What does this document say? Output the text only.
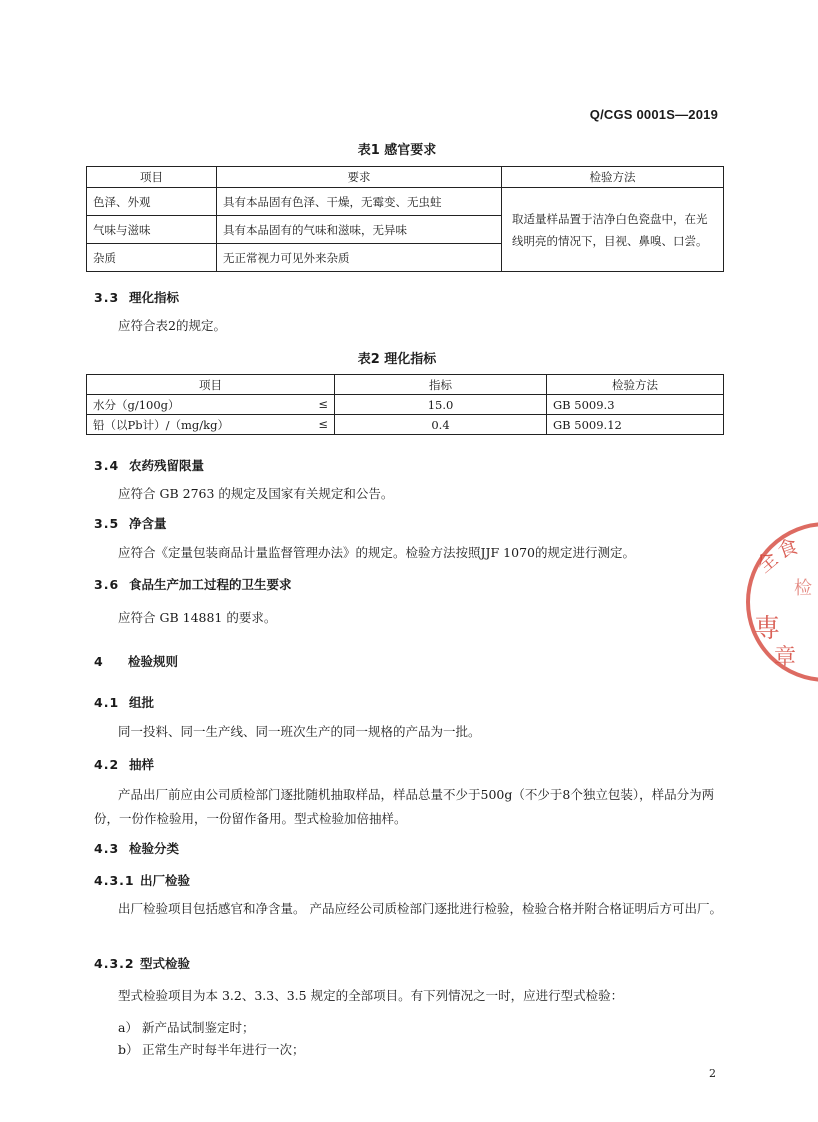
Q/CGS 0001S—2019
表1 感官要求
项目	要求	检验方法
色泽、外观	具有本品固有色泽、干燥，无霉变、无虫蛀	取适量样品置于洁净白色瓷盘中，在光线明亮的情况下，目视、鼻嗅、口尝。
气味与滋味	具有本品固有的气味和滋味，无异味	
杂质	无正常视力可见外来杂质	
3.3 理化指标
应符合表2的规定。
表2 理化指标
项目	指标	检验方法
水分（g/100g） ≤	15.0	GB 5009.3
铅（以Pb计）/（mg/kg） ≤	0.4	GB 5009.12
3.4 农药残留限量
应符合 GB 2763 的规定及国家有关规定和公告。
3.5 净含量
应符合《定量包装商品计量监督管理办法》的规定。检验方法按照JJF 1070的规定进行测定。
3.6 食品生产加工过程的卫生要求
应符合 GB 14881 的要求。
4 检验规则
4.1 组批
同一投料、同一生产线、同一班次生产的同一规格的产品为一批。
4.2 抽样
产品出厂前应由公司质检部门逐批随机抽取样品，样品总量不少于500g（不少于8个独立包装），样品分为两份，一份作检验用，一份留作备用。型式检验加倍抽样。
4.3 检验分类
4.3.1 出厂检验
出厂检验项目包括感官和净含量。 产品应经公司质检部门逐批进行检验，检验合格并附合格证明后方可出厂。
4.3.2 型式检验
型式检验项目为本 3.2、3.3、3.5 规定的全部项目。有下列情况之一时，应进行型式检验：
a） 新产品试制鉴定时；
b） 正常生产时每半年进行一次；
2
全
食
检
専
章
